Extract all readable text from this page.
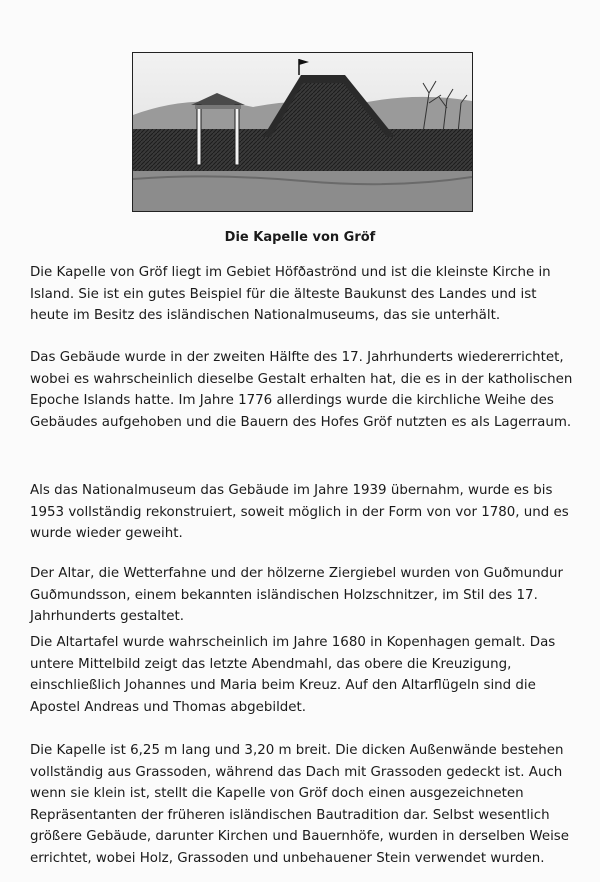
Die Kapelle von Gröf

Die Kapelle von Gröf liegt im Gebiet Höfðaströnd und ist die kleinste Kirche in Island. Sie ist ein gutes Beispiel für die älteste Baukunst des Landes und ist heute im Besitz des isländischen Nationalmuseums, das sie unterhält.

Das Gebäude wurde in der zweiten Hälfte des 17. Jahrhunderts wiedererrichtet, wobei es wahrscheinlich dieselbe Gestalt erhalten hat, die es in der katholischen Epoche Islands hatte. Im Jahre 1776 allerdings wurde die kirchliche Weihe des Gebäudes aufgehoben und die Bauern des Hofes Gröf nutzten es als Lagerraum.

Als das Nationalmuseum das Gebäude im Jahre 1939 übernahm, wurde es bis 1953 vollständig rekonstruiert, soweit möglich in der Form von vor 1780, und es wurde wieder geweiht.

Der Altar, die Wetterfahne und der hölzerne Ziergiebel wurden von Guðmundur Guðmundsson, einem bekannten isländischen Holzschnitzer, im Stil des 17. Jahrhunderts gestaltet.

Die Altartafel wurde wahrscheinlich im Jahre 1680 in Kopenhagen gemalt. Das untere Mittelbild zeigt das letzte Abendmahl, das obere die Kreuzigung, einschließlich Johannes und Maria beim Kreuz. Auf den Altarflügeln sind die Apostel Andreas und Thomas abgebildet.

Die Kapelle ist 6,25 m lang und 3,20 m breit. Die dicken Außenwände bestehen vollständig aus Grassoden, während das Dach mit Grassoden gedeckt ist. Auch wenn sie klein ist, stellt die Kapelle von Gröf doch einen ausgezeichneten Repräsentanten der früheren isländischen Bautradition dar. Selbst wesentlich größere Gebäude, darunter Kirchen und Bauernhöfe, wurden in derselben Weise errichtet, wobei Holz, Grassoden und unbehauener Stein verwendet wurden.
